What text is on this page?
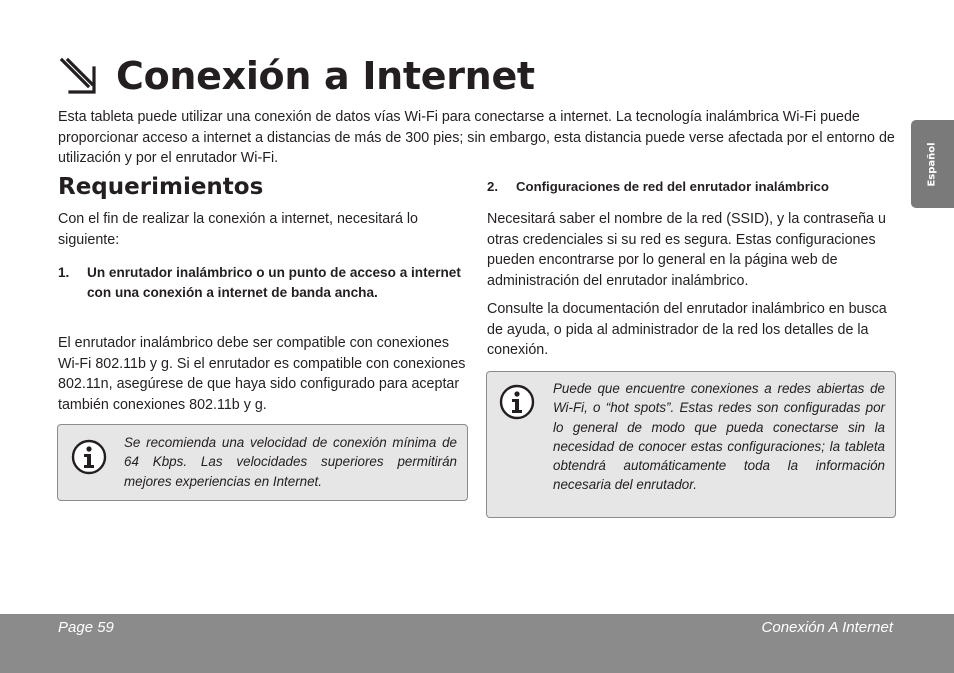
Conexión a Internet
Esta tableta puede utilizar una conexión de datos vías Wi-Fi para conectarse a internet. La tecnología inalámbrica Wi-Fi puede proporcionar acceso a internet a distancias de más de 300 pies; sin embargo, esta distancia puede verse afectada por el entorno de utilización y por el enrutador Wi-Fi.	Español
Requerimientos
Con el fin de realizar la conexión a internet, necesitará lo siguiente:
1. Un enrutador inalámbrico o un punto de acceso a internet con una conexión a internet de banda ancha.
El enrutador inalámbrico debe ser compatible con conexiones Wi-Fi 802.11b y g. Si el enrutador es compatible con conexiones 802.11n, asegúrese de que haya sido configurado para aceptar también conexiones 802.11b y g.
Se recomienda una velocidad de conexión mínima de 64 Kbps. Las velocidades superiores permitirán mejores experiencias en Internet.
2. Configuraciones de red del enrutador inalámbrico
Necesitará saber el nombre de la red (SSID), y la contraseña u otras credenciales si su red es segura. Estas configuraciones pueden encontrarse por lo general en la página web de administración del enrutador inalámbrico.
Consulte la documentación del enrutador inalámbrico en busca de ayuda, o pida al administrador de la red los detalles de la conexión.
Puede que encuentre conexiones a redes abiertas de Wi-Fi, o “hot spots”. Estas redes son configuradas por lo general de modo que pueda conectarse sin la necesidad de conocer estas configuraciones; la tableta obtendrá automáticamente toda la información necesaria del enrutador.
Page 59	Conexión A Internet
